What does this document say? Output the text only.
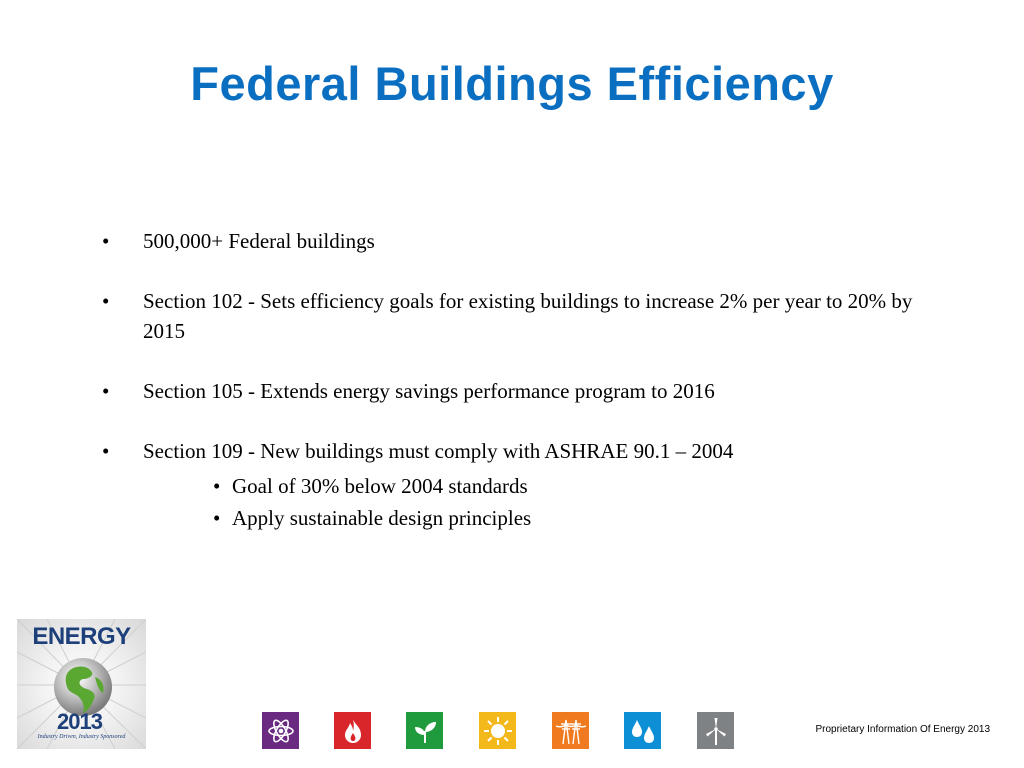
Federal Buildings Efficiency
• 500,000+ Federal buildings
• Section 102 - Sets efficiency goals for existing buildings to increase 2% per year to 20% by 2015
• Section 105 - Extends energy savings performance program to 2016
• Section 109 - New buildings must comply with ASHRAE 90.1 – 2004
• Goal of 30% below 2004 standards
• Apply sustainable design principles
ENERGY
2013
Industry Driven, Industry Sponsored
Proprietary Information Of Energy 2013
